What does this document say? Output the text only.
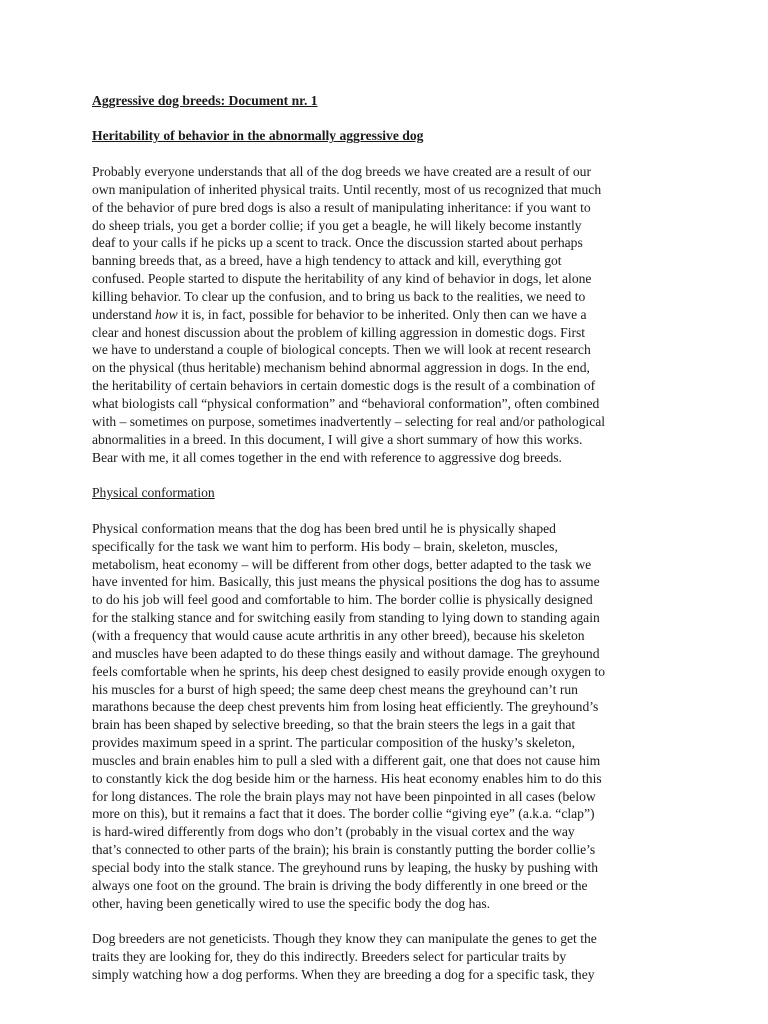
Aggressive dog breeds: Document nr. 1

Heritability of behavior in the abnormally aggressive dog

Probably everyone understands that all of the dog breeds we have created are a result of our
own manipulation of inherited physical traits. Until recently, most of us recognized that much
of the behavior of pure bred dogs is also a result of manipulating inheritance: if you want to
do sheep trials, you get a border collie; if you get a beagle, he will likely become instantly
deaf to your calls if he picks up a scent to track. Once the discussion started about perhaps
banning breeds that, as a breed, have a high tendency to attack and kill, everything got
confused. People started to dispute the heritability of any kind of behavior in dogs, let alone
killing behavior. To clear up the confusion, and to bring us back to the realities, we need to
understand how it is, in fact, possible for behavior to be inherited. Only then can we have a
clear and honest discussion about the problem of killing aggression in domestic dogs. First
we have to understand a couple of biological concepts. Then we will look at recent research
on the physical (thus heritable) mechanism behind abnormal aggression in dogs. In the end,
the heritability of certain behaviors in certain domestic dogs is the result of a combination of
what biologists call “physical conformation” and “behavioral conformation”, often combined
with – sometimes on purpose, sometimes inadvertently – selecting for real and/or pathological
abnormalities in a breed. In this document, I will give a short summary of how this works.
Bear with me, it all comes together in the end with reference to aggressive dog breeds.

Physical conformation

Physical conformation means that the dog has been bred until he is physically shaped
specifically for the task we want him to perform. His body – brain, skeleton, muscles,
metabolism, heat economy – will be different from other dogs, better adapted to the task we
have invented for him. Basically, this just means the physical positions the dog has to assume
to do his job will feel good and comfortable to him. The border collie is physically designed
for the stalking stance and for switching easily from standing to lying down to standing again
(with a frequency that would cause acute arthritis in any other breed), because his skeleton
and muscles have been adapted to do these things easily and without damage. The greyhound
feels comfortable when he sprints, his deep chest designed to easily provide enough oxygen to
his muscles for a burst of high speed; the same deep chest means the greyhound can’t run
marathons because the deep chest prevents him from losing heat efficiently. The greyhound’s
brain has been shaped by selective breeding, so that the brain steers the legs in a gait that
provides maximum speed in a sprint. The particular composition of the husky’s skeleton,
muscles and brain enables him to pull a sled with a different gait, one that does not cause him
to constantly kick the dog beside him or the harness. His heat economy enables him to do this
for long distances. The role the brain plays may not have been pinpointed in all cases (below
more on this), but it remains a fact that it does. The border collie “giving eye” (a.k.a. “clap”)
is hard-wired differently from dogs who don’t (probably in the visual cortex and the way
that’s connected to other parts of the brain); his brain is constantly putting the border collie’s
special body into the stalk stance. The greyhound runs by leaping, the husky by pushing with
always one foot on the ground. The brain is driving the body differently in one breed or the
other, having been genetically wired to use the specific body the dog has.
Dog breeders are not geneticists. Though they know they can manipulate the genes to get the
traits they are looking for, they do this indirectly. Breeders select for particular traits by
simply watching how a dog performs. When they are breeding a dog for a specific task, they
